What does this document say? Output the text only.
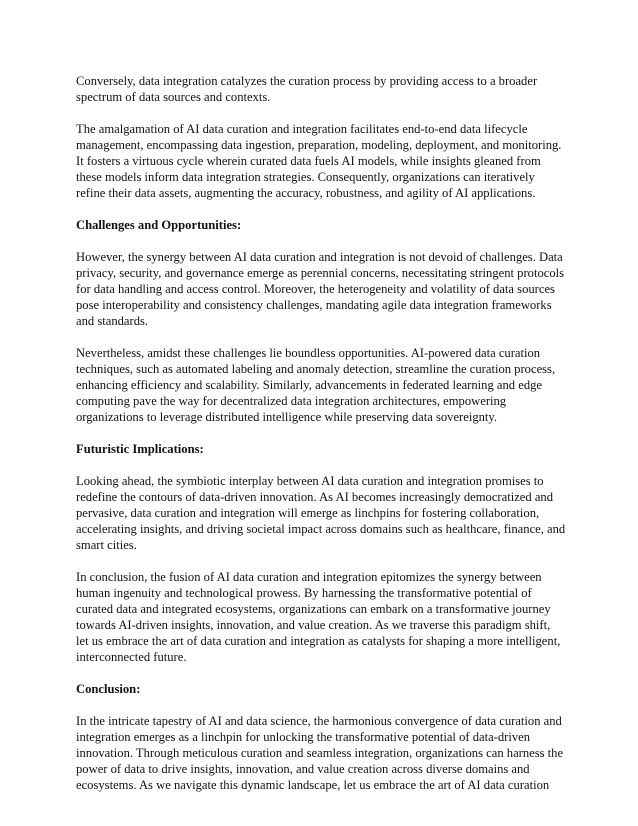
Conversely, data integration catalyzes the curation process by providing access to a broader
spectrum of data sources and contexts.

The amalgamation of AI data curation and integration facilitates end-to-end data lifecycle
management, encompassing data ingestion, preparation, modeling, deployment, and monitoring.
It fosters a virtuous cycle wherein curated data fuels AI models, while insights gleaned from
these models inform data integration strategies. Consequently, organizations can iteratively
refine their data assets, augmenting the accuracy, robustness, and agility of AI applications.

Challenges and Opportunities:

However, the synergy between AI data curation and integration is not devoid of challenges. Data
privacy, security, and governance emerge as perennial concerns, necessitating stringent protocols
for data handling and access control. Moreover, the heterogeneity and volatility of data sources
pose interoperability and consistency challenges, mandating agile data integration frameworks
and standards.

Nevertheless, amidst these challenges lie boundless opportunities. AI-powered data curation
techniques, such as automated labeling and anomaly detection, streamline the curation process,
enhancing efficiency and scalability. Similarly, advancements in federated learning and edge
computing pave the way for decentralized data integration architectures, empowering
organizations to leverage distributed intelligence while preserving data sovereignty.

Futuristic Implications:

Looking ahead, the symbiotic interplay between AI data curation and integration promises to
redefine the contours of data-driven innovation. As AI becomes increasingly democratized and
pervasive, data curation and integration will emerge as linchpins for fostering collaboration,
accelerating insights, and driving societal impact across domains such as healthcare, finance, and
smart cities.

In conclusion, the fusion of AI data curation and integration epitomizes the synergy between
human ingenuity and technological prowess. By harnessing the transformative potential of
curated data and integrated ecosystems, organizations can embark on a transformative journey
towards AI-driven insights, innovation, and value creation. As we traverse this paradigm shift,
let us embrace the art of data curation and integration as catalysts for shaping a more intelligent,
interconnected future.

Conclusion:

In the intricate tapestry of AI and data science, the harmonious convergence of data curation and
integration emerges as a linchpin for unlocking the transformative potential of data-driven
innovation. Through meticulous curation and seamless integration, organizations can harness the
power of data to drive insights, innovation, and value creation across diverse domains and
ecosystems. As we navigate this dynamic landscape, let us embrace the art of AI data curation
